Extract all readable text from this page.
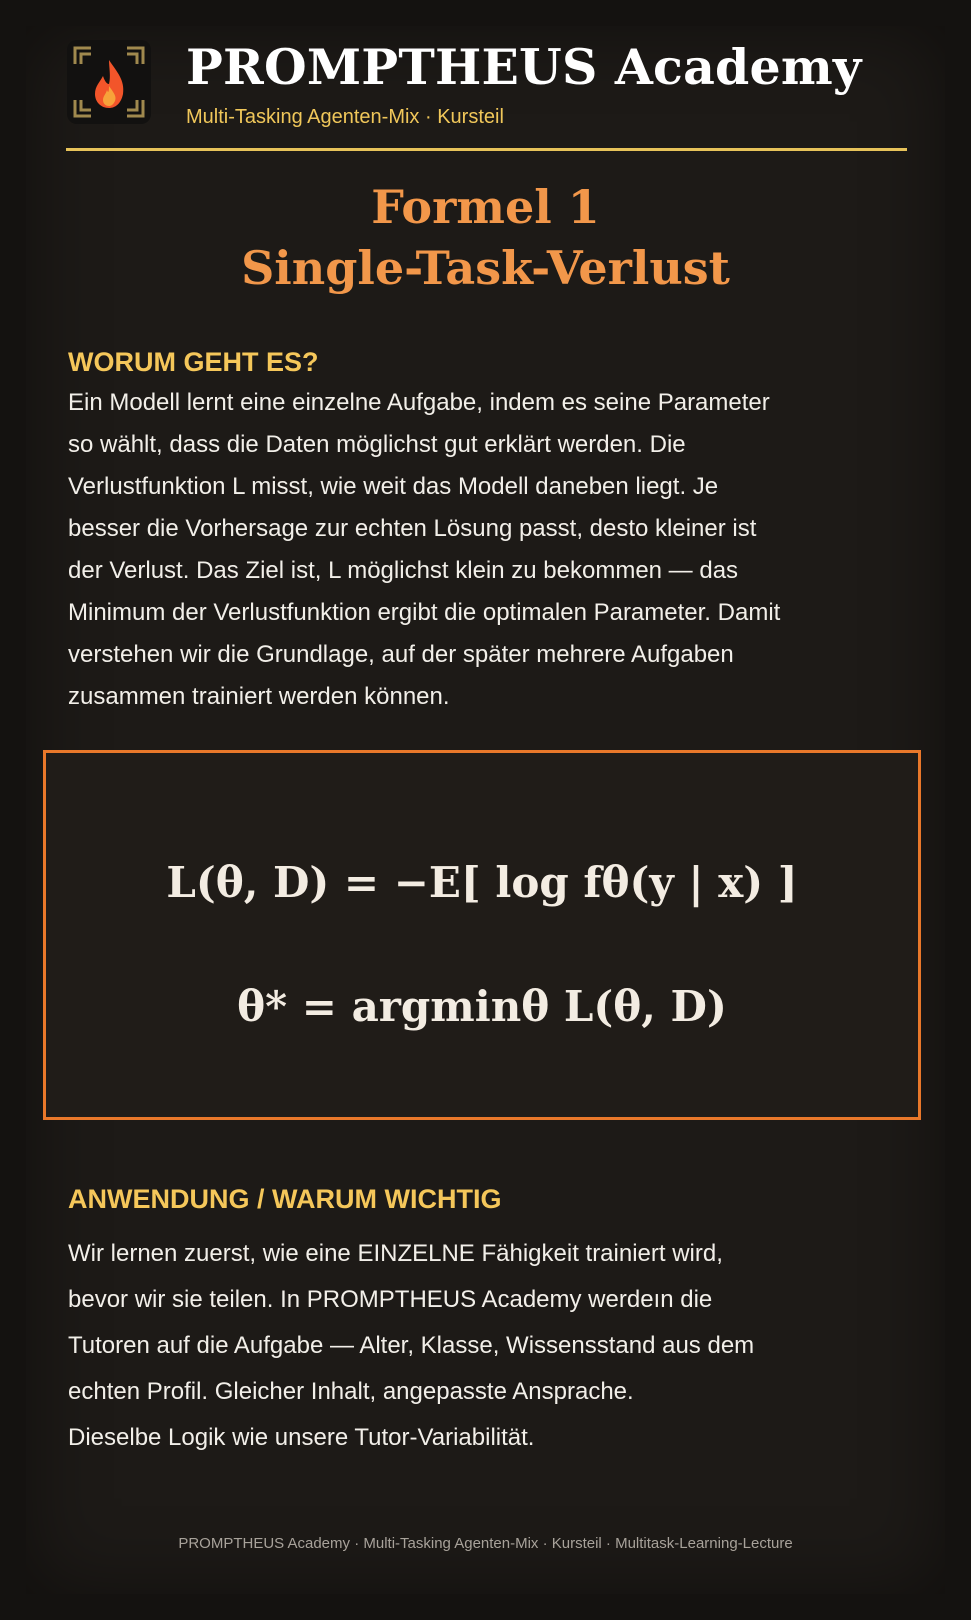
PROMPTHEUS Academy
Multi-Tasking Agenten-Mix · Kursteil
Formel 1
Single-Task-Verlust
WORUM GEHT ES?
Ein Modell lernt eine einzelne Aufgabe, indem es seine Parameter
so wählt, dass die Daten möglichst gut erklärt werden. Die
Verlustfunktion L misst, wie weit das Modell daneben liegt. Je
besser die Vorhersage zur echten Lösung passt, desto kleiner ist
der Verlust. Das Ziel ist, L möglichst klein zu bekommen — das
Minimum der Verlustfunktion ergibt die optimalen Parameter. Damit
verstehen wir die Grundlage, auf der später mehrere Aufgaben
zusammen trainiert werden können.
L(θ, D) = −E[ log fθ(y | x) ]
θ* = argminθ L(θ, D)
ANWENDUNG / WARUM WICHTIG
Wir lernen zuerst, wie eine EINZELNE Fähigkeit trainiert wird,
bevor wir sie teilen. In PROMPTHEUS Academy werdeın die
Tutoren auf die Aufgabe — Alter, Klasse, Wissensstand aus dem
echten Profil. Gleicher Inhalt, angepasste Ansprache.
Dieselbe Logik wie unsere Tutor-Variabilität.
PROMPTHEUS Academy · Multi-Tasking Agenten-Mix · Kursteil · Multitask-Learning-Lecture
